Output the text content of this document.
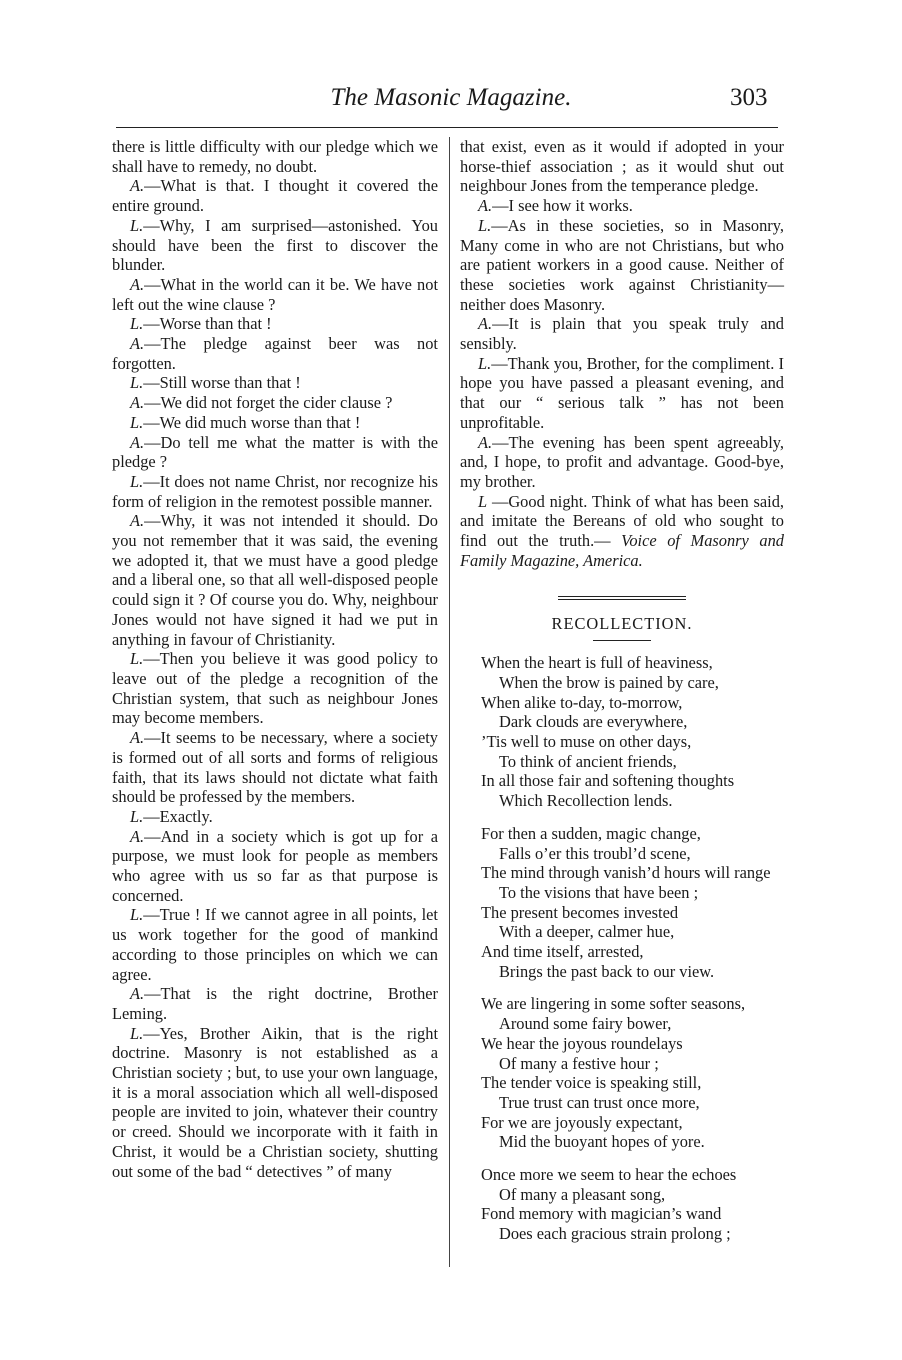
The Masonic Magazine.	303

there is little difficulty with our pledge which we shall have to remedy, no doubt.

A.—What is that. I thought it covered the entire ground.

L.—Why, I am surprised—astonished. You should have been the first to discover the blunder.

A.—What in the world can it be. We have not left out the wine clause ?

L.—Worse than that !

A.—The pledge against beer was not forgotten.

L.—Still worse than that !

A.—We did not forget the cider clause ?

L.—We did much worse than that !

A.—Do tell me what the matter is with the pledge ?

L.—It does not name Christ, nor recognize his form of religion in the remotest possible manner.

A.—Why, it was not intended it should. Do you not remember that it was said, the evening we adopted it, that we must have a good pledge and a liberal one, so that all well-disposed people could sign it ? Of course you do. Why, neighbour Jones would not have signed it had we put in anything in favour of Christianity.

L.—Then you believe it was good policy to leave out of the pledge a recognition of the Christian system, that such as neighbour Jones may become members.

A.—It seems to be necessary, where a society is formed out of all sorts and forms of religious faith, that its laws should not dictate what faith should be professed by the members.

L.—Exactly.

A.—And in a society which is got up for a purpose, we must look for people as members who agree with us so far as that purpose is concerned.

L.—True ! If we cannot agree in all points, let us work together for the good of mankind according to those principles on which we can agree.

A.—That is the right doctrine, Brother Leming.

L.—Yes, Brother Aikin, that is the right doctrine. Masonry is not established as a Christian society ; but, to use your own language, it is a moral association which all well-disposed people are invited to join, whatever their country or creed. Should we incorporate with it faith in Christ, it would be a Christian society, shutting out some of the bad “ detectives ” of many

that exist, even as it would if adopted in your horse-thief association ; as it would shut out neighbour Jones from the temperance pledge.

A.—I see how it works.

L.—As in these societies, so in Masonry, Many come in who are not Christians, but who are patient workers in a good cause. Neither of these societies work against Christianity—neither does Masonry.

A.—It is plain that you speak truly and sensibly.

L.—Thank you, Brother, for the compliment. I hope you have passed a pleasant evening, and that our “ serious talk ” has not been unprofitable.

A.—The evening has been spent agreeably, and, I hope, to profit and advantage. Good-bye, my brother.

L —Good night. Think of what has been said, and imitate the Bereans of old who sought to find out the truth.— Voice of Masonry and Family Magazine, America.

RECOLLECTION.
When the heart is full of heaviness,
When the brow is pained by care,
When alike to-day, to-morrow,
Dark clouds are everywhere,
’Tis well to muse on other days,
To think of ancient friends,
In all those fair and softening thoughts
Which Recollection lends.
For then a sudden, magic change,
Falls o’er this troubl’d scene,
The mind through vanish’d hours will range
To the visions that have been ;
The present becomes invested
With a deeper, calmer hue,
And time itself, arrested,
Brings the past back to our view.
We are lingering in some softer seasons,
Around some fairy bower,
We hear the joyous roundelays
Of many a festive hour ;
The tender voice is speaking still,
True trust can trust once more,
For we are joyously expectant,
Mid the buoyant hopes of yore.
Once more we seem to hear the echoes
Of many a pleasant song,
Fond memory with magician’s wand
Does each gracious strain prolong ;
